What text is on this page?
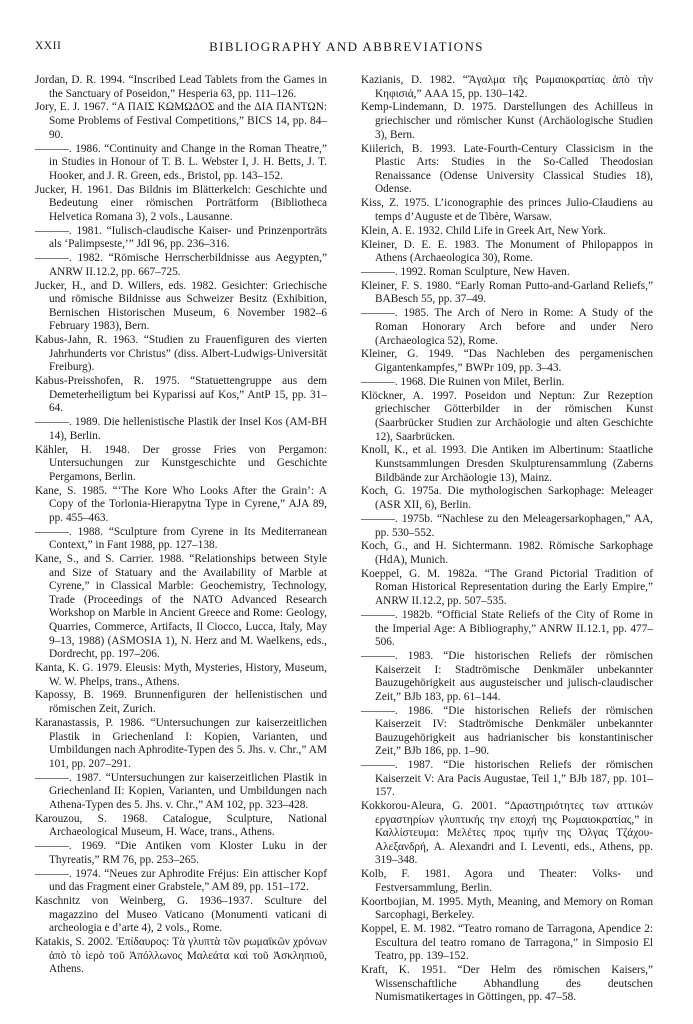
XXII	BIBLIOGRAPHY AND ABBREVIATIONS

Jordan, D. R. 1994. “Inscribed Lead Tablets from the Games in the Sanctuary of Poseidon,” Hesperia 63, pp. 111–126.

Jory, E. J. 1967. “A ΠΑΙΣ ΚΩΜΩΔΟΣ and the ΔΙΑ ΠΑΝΤΩΝ: Some Problems of Festival Competitions,” BICS 14, pp. 84–90.

———. 1986. “Continuity and Change in the Roman Theatre,” in Studies in Honour of T. B. L. Webster I, J. H. Betts, J. T. Hooker, and J. R. Green, eds., Bristol, pp. 143–152.

Jucker, H. 1961. Das Bildnis im Blätterkelch: Geschichte und Bedeutung einer römischen Porträtform (Bibliotheca Helvetica Romana 3), 2 vols., Lausanne.

———. 1981. “Iulisch-claudische Kaiser- und Prinzenporträts als ‘Palimpseste,’” JdI 96, pp. 236–316.

———. 1982. “Römische Herrscherbildnisse aus Aegypten,” ANRW II.12.2, pp. 667–725.

Jucker, H., and D. Willers, eds. 1982. Gesichter: Griechische und römische Bildnisse aus Schweizer Besitz (Exhibition, Bernischen Historischen Museum, 6 November 1982–6 February 1983), Bern.

Kabus-Jahn, R. 1963. “Studien zu Frauenfiguren des vierten Jahrhunderts vor Christus” (diss. Albert-Ludwigs-Universität Freiburg).

Kabus-Preisshofen, R. 1975. “Statuettengruppe aus dem Demeterheiligtum bei Kyparissi auf Kos,” AntP 15, pp. 31–64.

———. 1989. Die hellenistische Plastik der Insel Kos (AM-BH 14), Berlin.

Kähler, H. 1948. Der grosse Fries von Pergamon: Untersuchungen zur Kunstgeschichte und Geschichte Pergamons, Berlin.

Kane, S. 1985. “‘The Kore Who Looks After the Grain’: A Copy of the Torlonia-Hierapytna Type in Cyrene,” AJA 89, pp. 455–463.

———. 1988. “Sculpture from Cyrene in Its Mediterranean Context,” in Fant 1988, pp. 127–138.

Kane, S., and S. Carrier. 1988. “Relationships between Style and Size of Statuary and the Availability of Marble at Cyrene,” in Classical Marble: Geochemistry, Technology, Trade (Proceedings of the NATO Advanced Research Workshop on Marble in Ancient Greece and Rome: Geology, Quarries, Commerce, Artifacts, Il Ciocco, Lucca, Italy, May 9–13, 1988) (ASMOSIA 1), N. Herz and M. Waelkens, eds., Dordrecht, pp. 197–206.

Kanta, K. G. 1979. Eleusis: Myth, Mysteries, History, Museum, W. W. Phelps, trans., Athens.

Kapossy, B. 1969. Brunnenfiguren der hellenistischen und römischen Zeit, Zurich.

Karanastassis, P. 1986. “Untersuchungen zur kaiserzeitlichen Plastik in Griechenland I: Kopien, Varianten, und Umbildungen nach Aphrodite-Typen des 5. Jhs. v. Chr.,” AM 101, pp. 207–291.

———. 1987. “Untersuchungen zur kaiserzeitlichen Plastik in Griechenland II: Kopien, Varianten, und Umbildungen nach Athena-Typen des 5. Jhs. v. Chr.,” AM 102, pp. 323–428.

Karouzou, S. 1968. Catalogue, Sculpture, National Archaeological Museum, H. Wace, trans., Athens.

———. 1969. “Die Antiken vom Kloster Luku in der Thyreatis,” RM 76, pp. 253–265.

———. 1974. “Neues zur Aphrodite Fréjus: Ein attischer Kopf und das Fragment einer Grabstele,” AM 89, pp. 151–172.

Kaschnitz von Weinberg, G. 1936–1937. Sculture del magazzino del Museo Vaticano (Monumenti vaticani di archeologia e d’arte 4), 2 vols., Rome.

Katakis, S. 2002. Ἐπίδαυρος: Τὰ γλυπτὰ τῶν ρωμαϊκῶν χρόνων ἀπὸ τὸ ἱερὸ τοῦ Ἀπόλλωνος Μαλεάτα καὶ τοῦ Ἀσκληπιοῦ, Athens.

Kazianis, D. 1982. “Ἄγαλμα τῆς Ρωμαιοκρατίας ἀπὸ τὴν Κηφισιά,” AAA 15, pp. 130–142.

Kemp-Lindemann, D. 1975. Darstellungen des Achilleus in griechischer und römischer Kunst (Archäologische Studien 3), Bern.

Kiilerich, B. 1993. Late-Fourth-Century Classicism in the Plastic Arts: Studies in the So-Called Theodosian Renaissance (Odense University Classical Studies 18), Odense.

Kiss, Z. 1975. L’iconographie des princes Julio-Claudiens au temps d’Auguste et de Tibère, Warsaw.

Klein, A. E. 1932. Child Life in Greek Art, New York.

Kleiner, D. E. E. 1983. The Monument of Philopappos in Athens (Archaeologica 30), Rome.

———. 1992. Roman Sculpture, New Haven.

Kleiner, F. S. 1980. “Early Roman Putto-and-Garland Reliefs,” BABesch 55, pp. 37–49.

———. 1985. The Arch of Nero in Rome: A Study of the Roman Honorary Arch before and under Nero (Archaeologica 52), Rome.

Kleiner, G. 1949. “Das Nachleben des pergamenischen Gigantenkampfes,” BWPr 109, pp. 3–43.

———. 1968. Die Ruinen von Milet, Berlin.

Klöckner, A. 1997. Poseidon und Neptun: Zur Rezeption griechischer Götterbilder in der römischen Kunst (Saarbrücker Studien zur Archäologie und alten Geschichte 12), Saarbrücken.

Knoll, K., et al. 1993. Die Antiken im Albertinum: Staatliche Kunstsammlungen Dresden Skulpturensammlung (Zaberns Bildbände zur Archäologie 13), Mainz.

Koch, G. 1975a. Die mythologischen Sarkophage: Meleager (ASR XII, 6), Berlin.

———. 1975b. “Nachlese zu den Meleagersarkophagen,” AA, pp. 530–552.

Koch, G., and H. Sichtermann. 1982. Römische Sarkophage (HdA), Munich.

Koeppel, G. M. 1982a. “The Grand Pictorial Tradition of Roman Historical Representation during the Early Empire,” ANRW II.12.2, pp. 507–535.

———. 1982b. “Official State Reliefs of the City of Rome in the Imperial Age: A Bibliography,” ANRW II.12.1, pp. 477–506.

———. 1983. “Die historischen Reliefs der römischen Kaiserzeit I: Stadtrömische Denkmäler unbekannter Bauzugehörigkeit aus augusteischer und julisch-claudischer Zeit,” BJb 183, pp. 61–144.

———. 1986. “Die historischen Reliefs der römischen Kaiserzeit IV: Stadtrömische Denkmäler unbekannter Bauzugehörigkeit aus hadrianischer bis konstantinischer Zeit,” BJb 186, pp. 1–90.

———. 1987. “Die historischen Reliefs der römischen Kaiserzeit V: Ara Pacis Augustae, Teil 1,” BJb 187, pp. 101–157.

Kokkorou-Aleura, G. 2001. “Δραστηριότητες των αττικών εργαστηρίων γλυπτικής την εποχή της Ρωμαιοκρατίας,” in Καλλίστευμα: Μελέτες προς τιμήν της Όλγας Τζάχου-Αλεξανδρή, A. Alexandri and I. Leventi, eds., Athens, pp. 319–348.

Kolb, F. 1981. Agora und Theater: Volks- und Festversammlung, Berlin.

Koortbojian, M. 1995. Myth, Meaning, and Memory on Roman Sarcophagi, Berkeley.

Koppel, E. M. 1982. “Teatro romano de Tarragona, Apendice 2: Escultura del teatro romano de Tarragona,” in Simposio El Teatro, pp. 139–152.

Kraft, K. 1951. “Der Helm des römischen Kaisers,” Wissenschaftliche Abhandlung des deutschen Numismatikertages in Göttingen, pp. 47–58.
